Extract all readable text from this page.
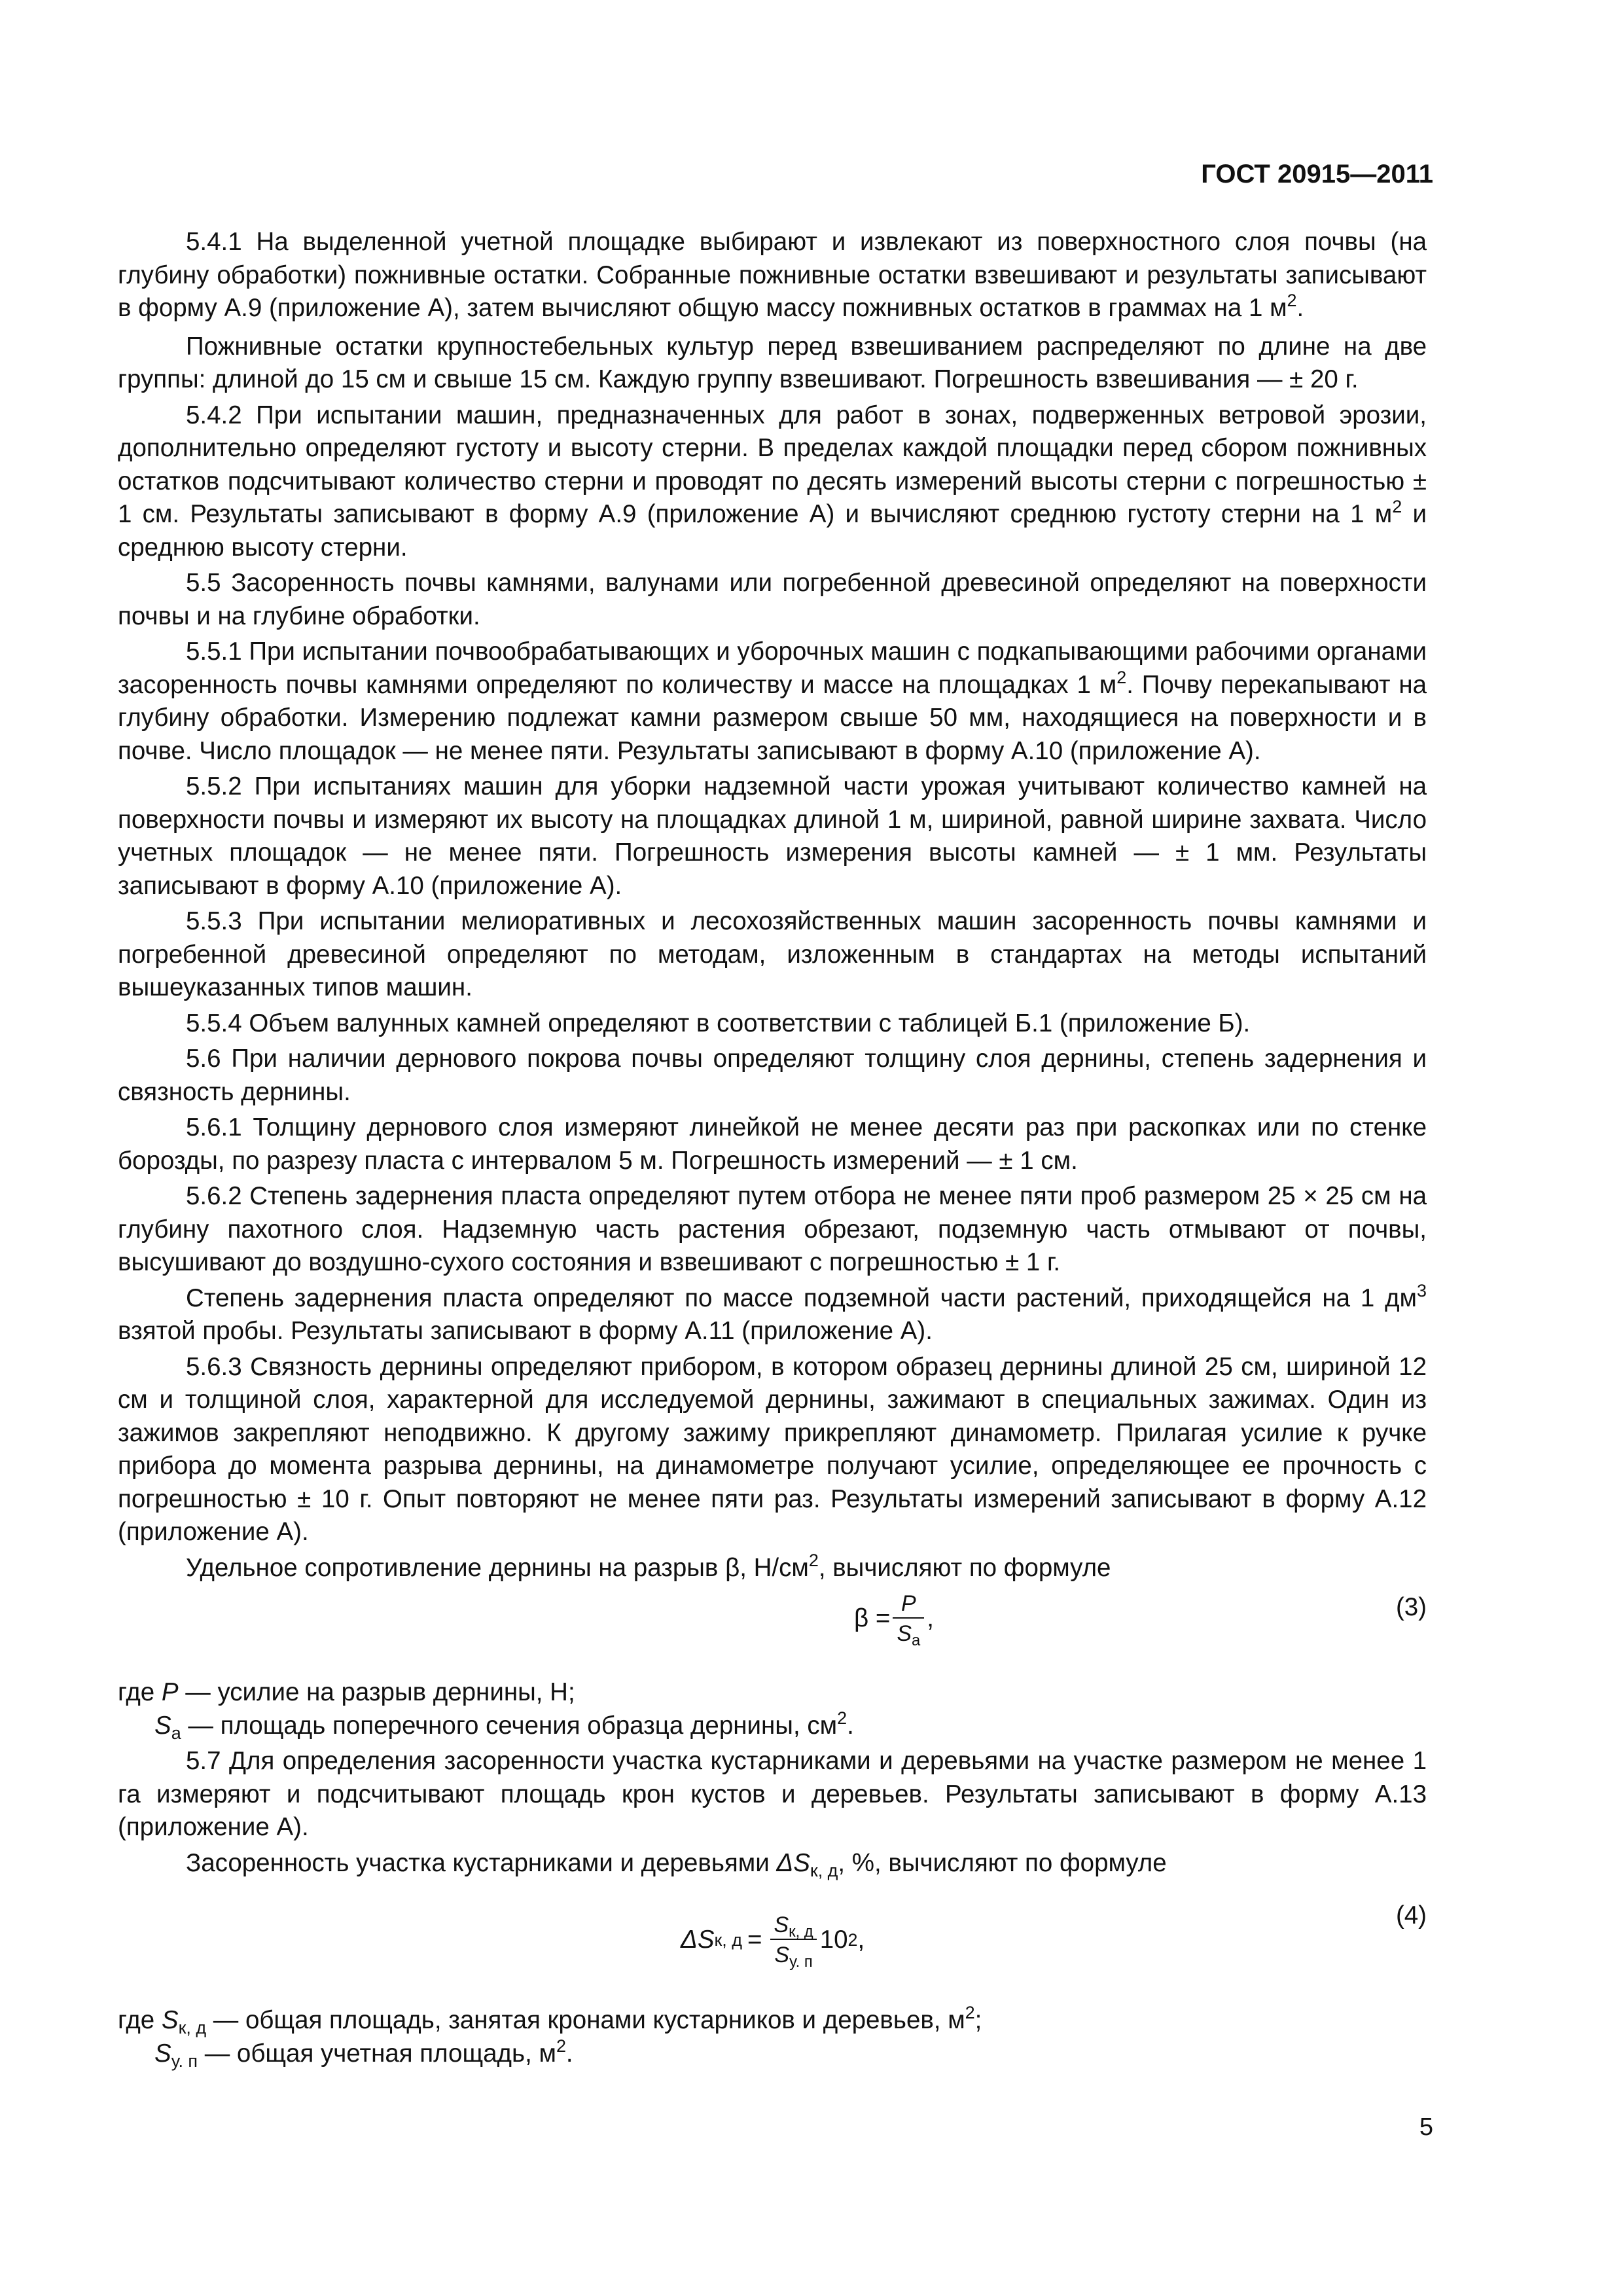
ГОСТ 20915—2011

5.4.1 На выделенной учетной площадке выбирают и извлекают из поверхностного слоя почвы (на глубину обработки) пожнивные остатки. Собранные пожнивные остатки взвешивают и результаты записывают в форму А.9 (приложение А), затем вычисляют общую массу пожнивных остатков в граммах на 1 $м^2$.

Пожнивные остатки крупностебельных культур перед взвешиванием распределяют по длине на две группы: длиной до 15 см и свыше 15 см. Каждую группу взвешивают. Погрешность взвешивания — ± 20 г.

5.4.2 При испытании машин, предназначенных для работ в зонах, подверженных ветровой эрозии, дополнительно определяют густоту и высоту стерни. В пределах каждой площадки перед сбором пожнивных остатков подсчитывают количество стерни и проводят по десять измерений высоты стерни с погрешностью ± 1 см. Результаты записывают в форму А.9 (приложение А) и вычисляют среднюю густоту стерни на 1 $м^2$ и среднюю высоту стерни.

5.5 Засоренность почвы камнями, валунами или погребенной древесиной определяют на поверхности почвы и на глубине обработки.

5.5.1 При испытании почвообрабатывающих и уборочных машин с подкапывающими рабочими органами засоренность почвы камнями определяют по количеству и массе на площадках 1 $м^2$. Почву перекапывают на глубину обработки. Измерению подлежат камни размером свыше 50 мм, находящиеся на поверхности и в почве. Число площадок — не менее пяти. Результаты записывают в форму А.10 (приложение А).

5.5.2 При испытаниях машин для уборки надземной части урожая учитывают количество камней на поверхности почвы и измеряют их высоту на площадках длиной 1 м, шириной, равной ширине захвата. Число учетных площадок — не менее пяти. Погрешность измерения высоты камней — ± 1 мм. Результаты записывают в форму А.10 (приложение А).

5.5.3 При испытании мелиоративных и лесохозяйственных машин засоренность почвы камнями и погребенной древесиной определяют по методам, изложенным в стандартах на методы испытаний вышеуказанных типов машин.

5.5.4 Объем валунных камней определяют в соответствии с таблицей Б.1 (приложение Б).

5.6 При наличии дернового покрова почвы определяют толщину слоя дернины, степень задернения и связность дернины.

5.6.1 Толщину дернового слоя измеряют линейкой не менее десяти раз при раскопках или по стенке борозды, по разрезу пласта с интервалом 5 м. Погрешность измерений — ± 1 см.

5.6.2 Степень задернения пласта определяют путем отбора не менее пяти проб размером 25 × 25 см на глубину пахотного слоя. Надземную часть растения обрезают, подземную часть отмывают от почвы, высушивают до воздушно-сухого состояния и взвешивают с погрешностью ± 1 г.

Степень задернения пласта определяют по массе подземной части растений, приходящейся на 1 $дм^3$ взятой пробы. Результаты записывают в форму А.11 (приложение А).

5.6.3 Связность дернины определяют прибором, в котором образец дернины длиной 25 см, шириной 12 см и толщиной слоя, характерной для исследуемой дернины, зажимают в специальных зажимах. Один из зажимов закрепляют неподвижно. К другому зажиму прикрепляют динамометр. Прилагая усилие к ручке прибора до момента разрыва дернины, на динамометре получают усилие, определяющее ее прочность с погрешностью ± 10 г. Опыт повторяют не менее пяти раз. Результаты измерений записывают в форму А.12 (приложение А).

Удельное сопротивление дернины на разрыв β, $Н/см^2$, вычисляют по формуле

$\beta = \frac{P}{S_а}$ ,	(3)

где P — усилие на разрыв дернины, Н;

$S_а$ — площадь поперечного сечения образца дернины, $см^2$.

5.7 Для определения засоренности участка кустарниками и деревьями на участке размером не менее 1 га измеряют и подсчитывают площадь крон кустов и деревьев. Результаты записывают в форму А.13 (приложение А).

Засоренность участка кустарниками и деревьями $\Delta S_{к, д}$, %, вычисляют по формуле

ΔS к, $д = \frac{S_{к, д}}{S_{у. п}} 10$ 2 ,
(4)

где $S_{к, д}$ — общая площадь, занятая кронами кустарников и деревьев, $м^2$;

$S_{у. п}$ — общая учетная площадь, $м^2$.

5
